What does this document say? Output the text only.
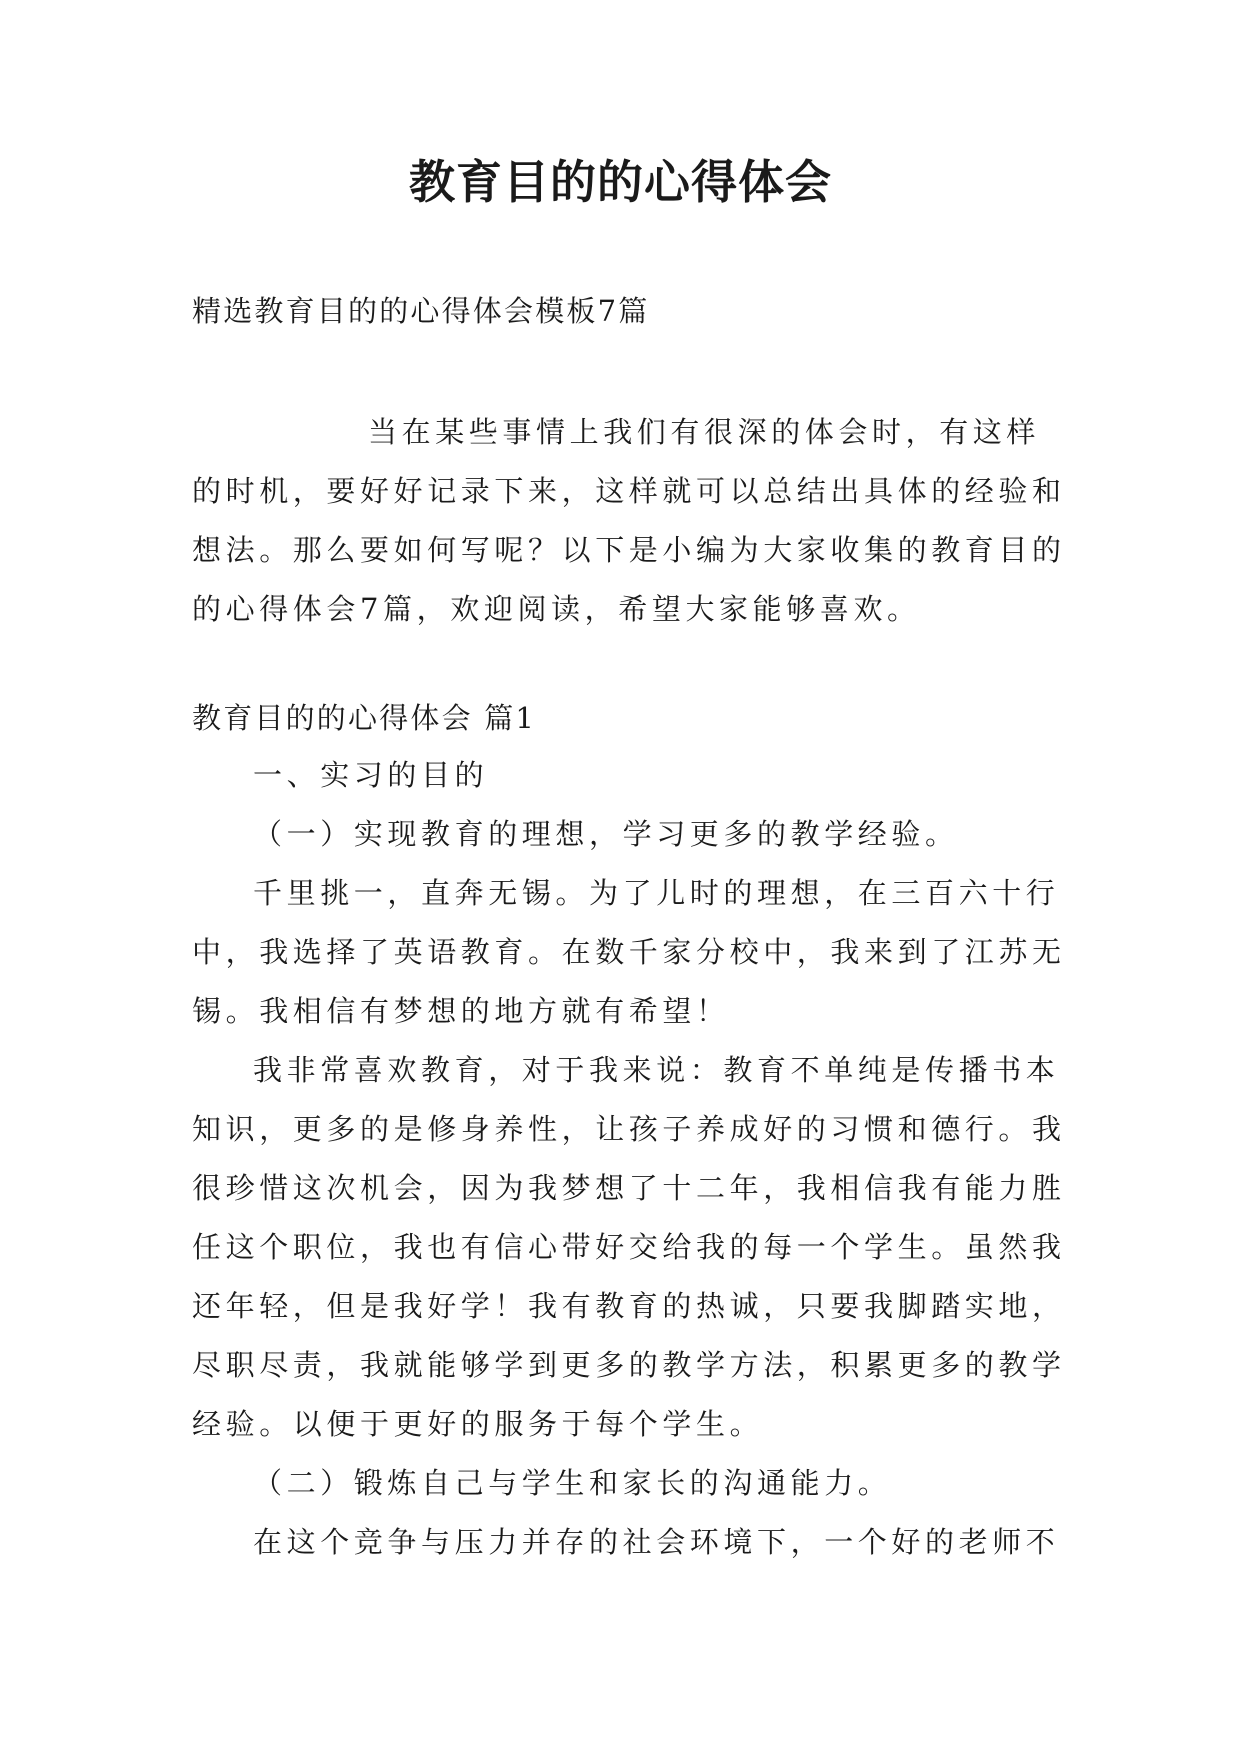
教育目的的心得体会

精选教育目的的心得体会模板7篇

当在某些事情上我们有很深的体会时，有这样
的时机，要好好记录下来，这样就可以总结出具体的经验和
想法。那么要如何写呢？以下是小编为大家收集的教育目的
的心得体会7篇，欢迎阅读，希望大家能够喜欢。

教育目的的心得体会 篇1

一、实习的目的
（一）实现教育的理想，学习更多的教学经验。
千里挑一，直奔无锡。为了儿时的理想，在三百六十行
中，我选择了英语教育。在数千家分校中，我来到了江苏无
锡。我相信有梦想的地方就有希望！
我非常喜欢教育，对于我来说：教育不单纯是传播书本
知识，更多的是修身养性，让孩子养成好的习惯和德行。我
很珍惜这次机会，因为我梦想了十二年，我相信我有能力胜
任这个职位，我也有信心带好交给我的每一个学生。虽然我
还年轻，但是我好学！我有教育的热诚，只要我脚踏实地，
尽职尽责，我就能够学到更多的教学方法，积累更多的教学
经验。以便于更好的服务于每个学生。
（二）锻炼自己与学生和家长的沟通能力。
在这个竞争与压力并存的社会环境下，一个好的老师不
